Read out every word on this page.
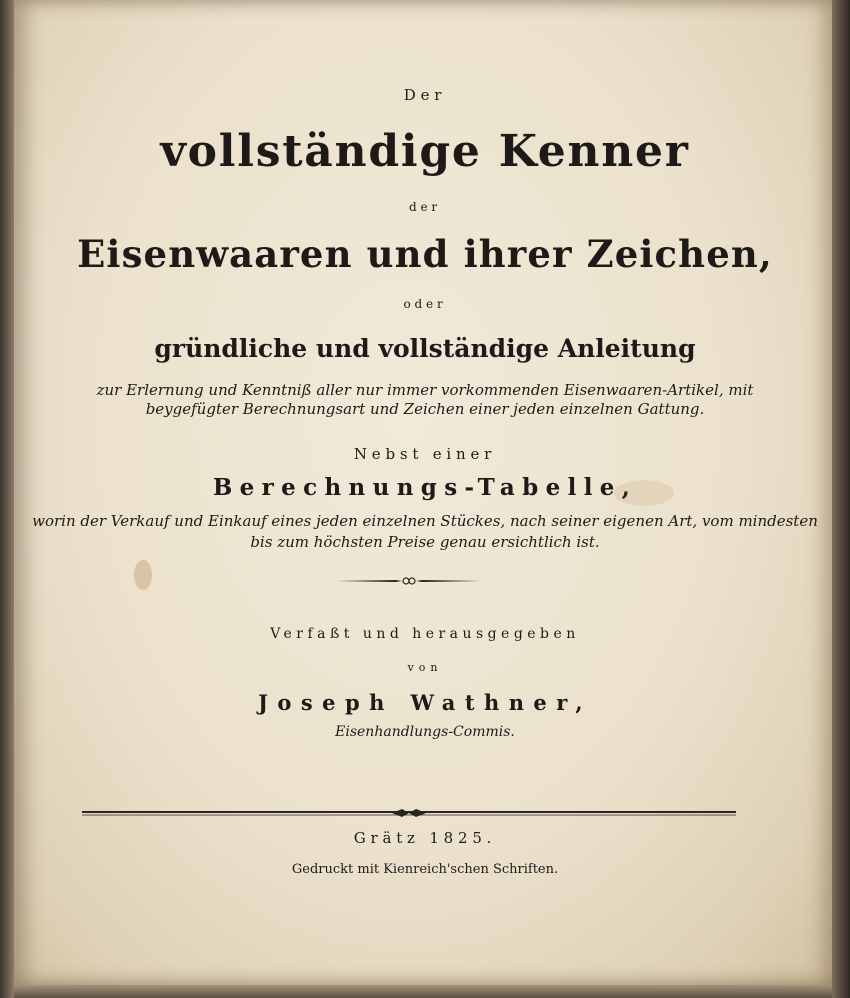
Der
vollständige Kenner
der
Eisenwaaren und ihrer Zeichen,
oder
gründliche und vollständige Anleitung
zur Erlernung und Kenntniß aller nur immer vorkommenden Eisenwaaren-Artikel, mit
beygefügter Berechnungsart und Zeichen einer jeden einzelnen Gattung.
Nebst einer
Berechnungs-Tabelle,
worin der Verkauf und Einkauf eines jeden einzelnen Stückes, nach seiner eigenen Art, vom mindesten
bis zum höchsten Preise genau ersichtlich ist.
Verfaßt und herausgegeben
von
Joseph Wathner,
Eisenhandlungs-Commis.
Grätz 1825.
Gedruckt mit Kienreich'schen Schriften.
